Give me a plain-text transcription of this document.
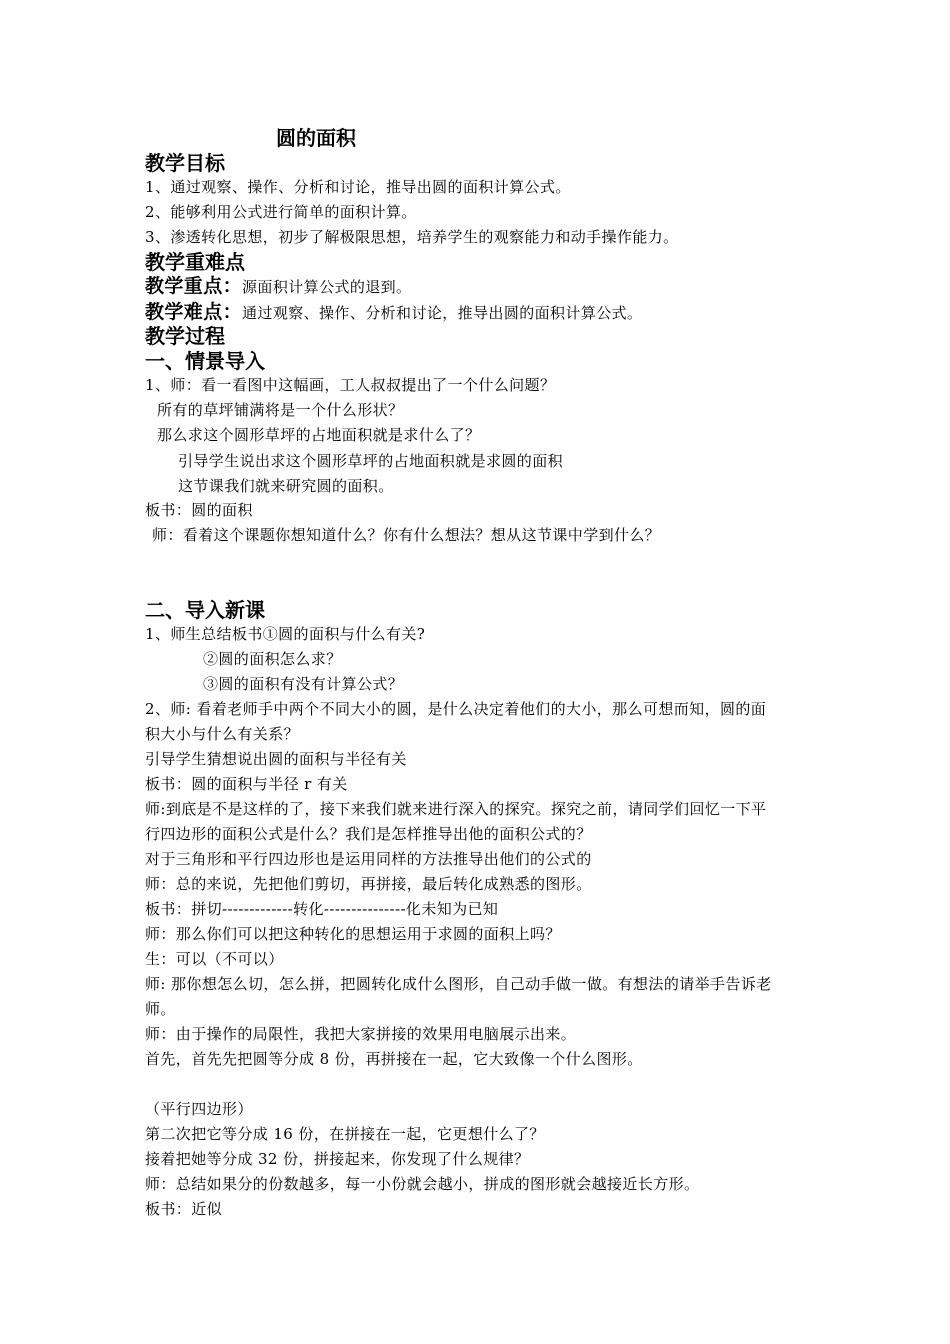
圆的面积
教学目标
1、通过观察、操作、分析和讨论，推导出圆的面积计算公式。
2、能够利用公式进行简单的面积计算。
3、渗透转化思想，初步了解极限思想，培养学生的观察能力和动手操作能力。
教学重难点
教学重点：源面积计算公式的退到。
教学难点：通过观察、操作、分析和讨论，推导出圆的面积计算公式。
教学过程
一、情景导入
1、师：看一看图中这幅画，工人叔叔提出了一个什么问题？
所有的草坪铺满将是一个什么形状？
那么求这个圆形草坪的占地面积就是求什么了？
引导学生说出求这个圆形草坪的占地面积就是求圆的面积
这节课我们就来研究圆的面积。
板书：圆的面积
师：看着这个课题你想知道什么？你有什么想法？想从这节课中学到什么？
二、导入新课
1、师生总结板书①圆的面积与什么有关?
②圆的面积怎么求？
③圆的面积有没有计算公式？
2、师: 看着老师手中两个不同大小的圆，是什么决定着他们的大小，那么可想而知，圆的面
积大小与什么有关系？
引导学生猜想说出圆的面积与半径有关
板书：圆的面积与半径 r 有关
师:到底是不是这样的了，接下来我们就来进行深入的探究。探究之前，请同学们回忆一下平
行四边形的面积公式是什么？我们是怎样推导出他的面积公式的？
对于三角形和平行四边形也是运用同样的方法推导出他们的公式的
师：总的来说，先把他们剪切，再拼接，最后转化成熟悉的图形。
板书：拼切-------------转化---------------化未知为已知
师：那么你们可以把这种转化的思想运用于求圆的面积上吗？
生：可以（不可以）
师: 那你想怎么切，怎么拼，把圆转化成什么图形，自己动手做一做。有想法的请举手告诉老
师。
师：由于操作的局限性，我把大家拼接的效果用电脑展示出来。
首先，首先先把圆等分成 8 份，再拼接在一起，它大致像一个什么图形。
（平行四边形）
第二次把它等分成 16 份，在拼接在一起，它更想什么了？
接着把她等分成 32 份，拼接起来，你发现了什么规律？
师：总结如果分的份数越多，每一小份就会越小，拼成的图形就会越接近长方形。
板书：近似
